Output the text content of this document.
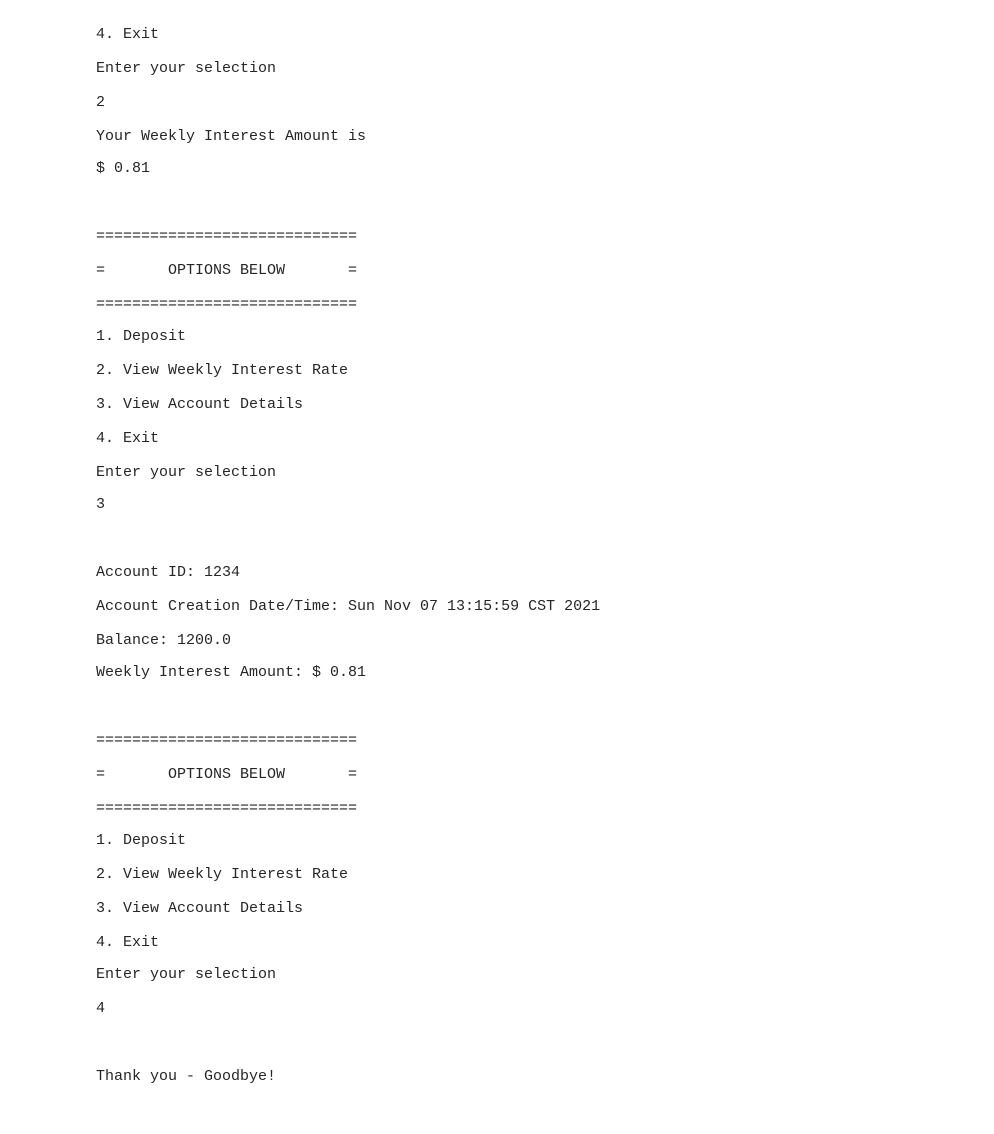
4. Exit
Enter your selection
2
Your Weekly Interest Amount is
$ 0.81
=============================
=       OPTIONS BELOW       =
=============================
1. Deposit
2. View Weekly Interest Rate
3. View Account Details
4. Exit
Enter your selection
3
Account ID: 1234
Account Creation Date/Time: Sun Nov 07 13:15:59 CST 2021
Balance: 1200.0
Weekly Interest Amount: $ 0.81
=============================
=       OPTIONS BELOW       =
=============================
1. Deposit
2. View Weekly Interest Rate
3. View Account Details
4. Exit
Enter your selection
4
Thank you - Goodbye!
